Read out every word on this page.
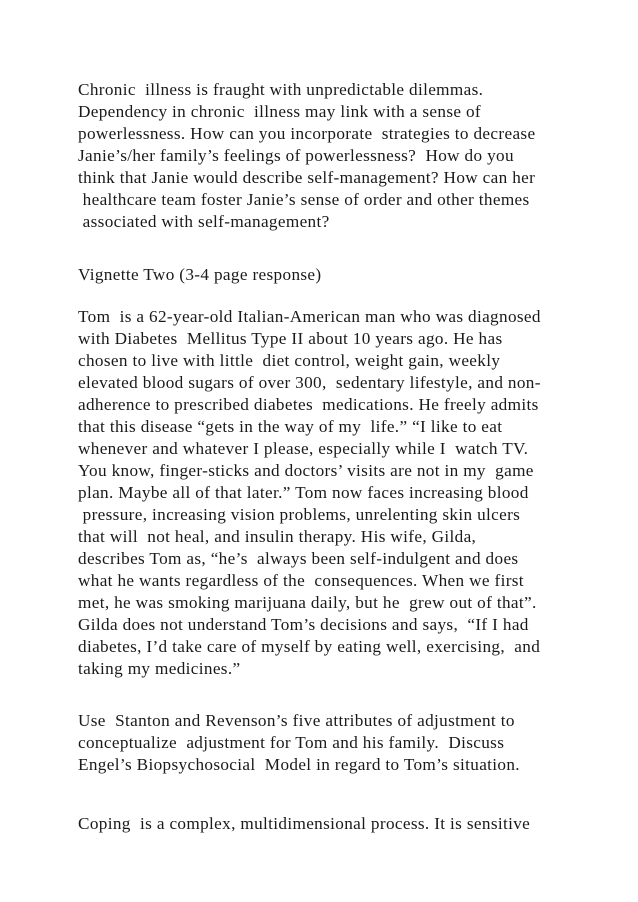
Chronic  illness is fraught with unpredictable dilemmas.
Dependency in chronic  illness may link with a sense of
powerlessness. How can you incorporate  strategies to decrease
Janie’s/her family’s feelings of powerlessness?  How do you
think that Janie would describe self-management? How can her
healthcare team foster Janie’s sense of order and other themes
associated with self-management?
Vignette Two (3-4 page response)
Tom  is a 62-year-old Italian-American man who was diagnosed
with Diabetes  Mellitus Type II about 10 years ago. He has
chosen to live with little  diet control, weight gain, weekly
elevated blood sugars of over 300,  sedentary lifestyle, and non-
adherence to prescribed diabetes  medications. He freely admits
that this disease “gets in the way of my  life.” “I like to eat
whenever and whatever I please, especially while I  watch TV.
You know, finger-sticks and doctors’ visits are not in my  game
plan. Maybe all of that later.” Tom now faces increasing blood
pressure, increasing vision problems, unrelenting skin ulcers
that will  not heal, and insulin therapy. His wife, Gilda,
describes Tom as, “he’s  always been self-indulgent and does
what he wants regardless of the  consequences. When we first
met, he was smoking marijuana daily, but he  grew out of that”.
Gilda does not understand Tom’s decisions and says,  “If I had
diabetes, I’d take care of myself by eating well, exercising,  and
taking my medicines.”
Use  Stanton and Revenson’s five attributes of adjustment to
conceptualize  adjustment for Tom and his family.  Discuss
Engel’s Biopsychosocial  Model in regard to Tom’s situation.
Coping  is a complex, multidimensional process. It is sensitive
